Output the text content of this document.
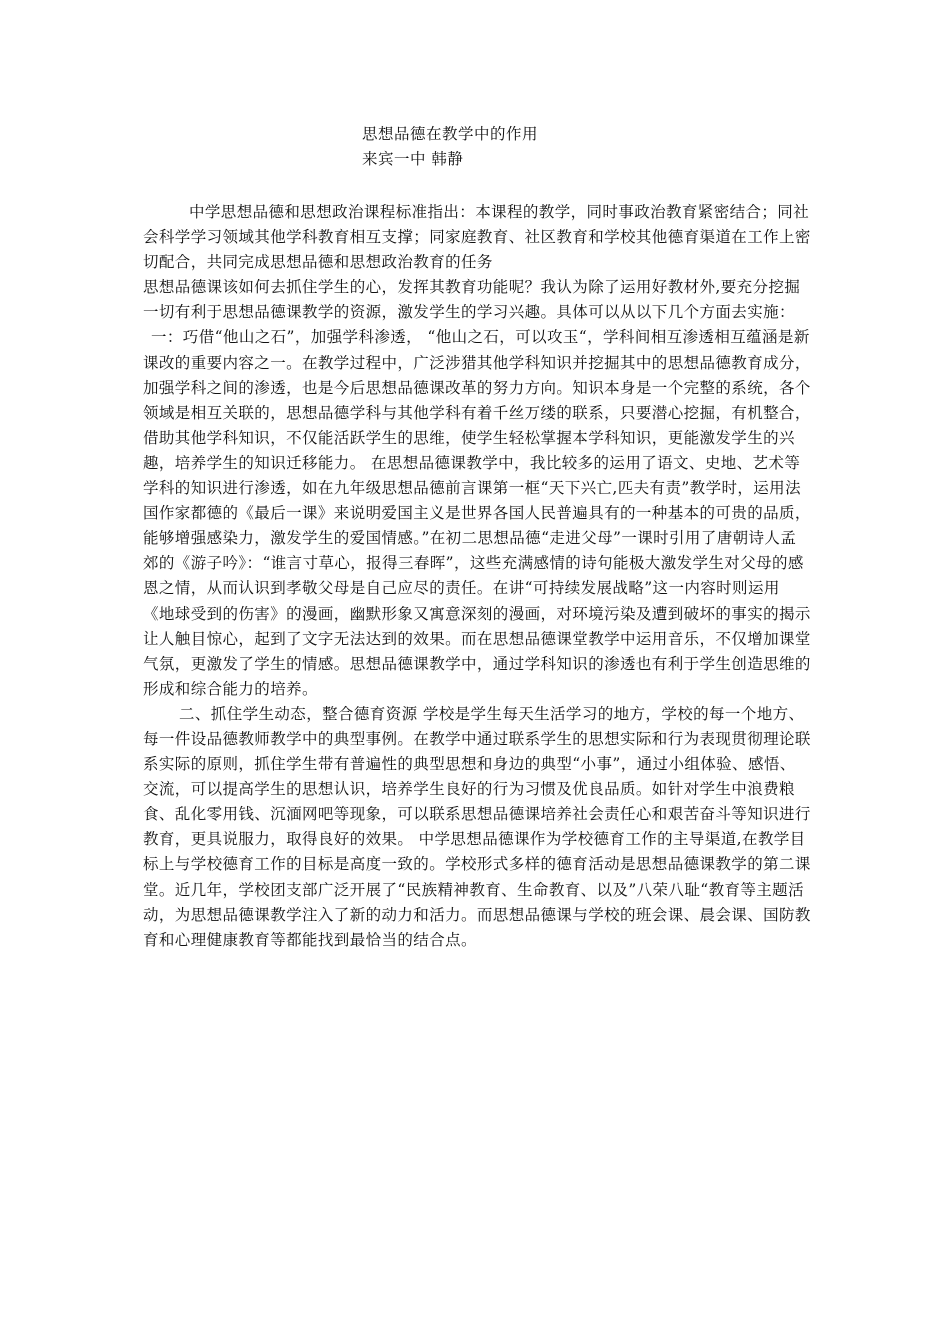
思想品德在教学中的作用
来宾一中 韩静

中学思想品德和思想政治课程标准指出：本课程的教学，同时事政治教育紧密结合；同社会科学学习领域其他学科教育相互支撑；同家庭教育、社区教育和学校其他德育渠道在工作上密切配合，共同完成思想品德和思想政治教育的任务

思想品德课该如何去抓住学生的心，发挥其教育功能呢？我认为除了运用好教材外,要充分挖掘一切有利于思想品德课教学的资源，激发学生的学习兴趣。具体可以从以下几个方面去实施：

一：巧借“他山之石”，加强学科渗透， “他山之石，可以攻玉“，学科间相互渗透相互蕴涵是新课改的重要内容之一。在教学过程中，广泛涉猎其他学科知识并挖掘其中的思想品德教育成分，加强学科之间的渗透，也是今后思想品德课改革的努力方向。知识本身是一个完整的系统，各个领域是相互关联的，思想品德学科与其他学科有着千丝万缕的联系，只要潜心挖掘，有机整合，借助其他学科知识，不仅能活跃学生的思维，使学生轻松掌握本学科知识，更能激发学生的兴趣，培养学生的知识迁移能力。 在思想品德课教学中，我比较多的运用了语文、史地、艺术等学科的知识进行渗透，如在九年级思想品德前言课第一框“天下兴亡,匹夫有责”教学时，运用法国作家都德的《最后一课》来说明爱国主义是世界各国人民普遍具有的一种基本的可贵的品质，能够增强感染力，激发学生的爱国情感。”在初二思想品德“走进父母”一课时引用了唐朝诗人孟郊的《游子吟》：“谁言寸草心，报得三春晖”，这些充满感情的诗句能极大激发学生对父母的感恩之情，从而认识到孝敬父母是自己应尽的责任。在讲“可持续发展战略”这一内容时则运用《地球受到的伤害》的漫画，幽默形象又寓意深刻的漫画，对环境污染及遭到破坏的事实的揭示让人触目惊心，起到了文字无法达到的效果。而在思想品德课堂教学中运用音乐，不仅增加课堂气氛，更激发了学生的情感。思想品德课教学中，通过学科知识的渗透也有利于学生创造思维的形成和综合能力的培养。

二、抓住学生动态，整合德育资源 学校是学生每天生活学习的地方，学校的每一个地方、每一件设品德教师教学中的典型事例。在教学中通过联系学生的思想实际和行为表现贯彻理论联系实际的原则，抓住学生带有普遍性的典型思想和身边的典型“小事”，通过小组体验、感悟、交流，可以提高学生的思想认识，培养学生良好的行为习惯及优良品质。如针对学生中浪费粮食、乱化零用钱、沉湎网吧等现象，可以联系思想品德课培养社会责任心和艰苦奋斗等知识进行教育，更具说服力，取得良好的效果。 中学思想品德课作为学校德育工作的主导渠道,在教学目标上与学校德育工作的目标是高度一致的。学校形式多样的德育活动是思想品德课教学的第二课堂。近几年，学校团支部广泛开展了“民族精神教育、生命教育、以及”八荣八耻“教育等主题活动，为思想品德课教学注入了新的动力和活力。而思想品德课与学校的班会课、晨会课、国防教育和心理健康教育等都能找到最恰当的结合点。
